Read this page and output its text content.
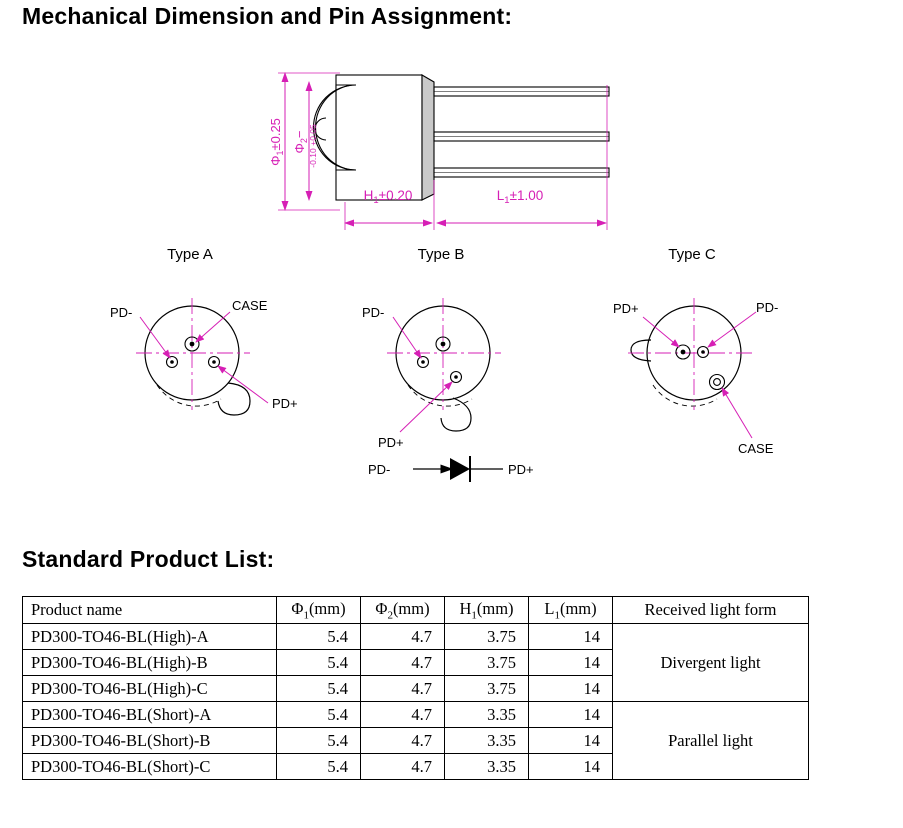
Mechanical Dimension and Pin Assignment:
$\Phi_1\pm 0.25$ $\Phi_2- +0.05$
-0.10
$H_1\pm 0.20$	$L_1\pm 1.00$
Type A
PD-	CASE
PD+
Type B
PD-
PD+
Type C
PD+	PD-
CASE
PD-	PD+
Standard Product List:
Product name	$\Phi_1(mm)$	$\Phi_2(mm)$	$H_1(mm)$	$L_1(mm)$	Received light form
PD300-TO46-BL(High)-A	5.4	4.7	3.75	14	Divergent light
PD300-TO46-BL(High)-B	5.4	4.7	3.75	14	
PD300-TO46-BL(High)-C	5.4	4.7	3.75	14	
PD300-TO46-BL(Short)-A	5.4	4.7	3.35	14	Parallel light
PD300-TO46-BL(Short)-B	5.4	4.7	3.35	14	
PD300-TO46-BL(Short)-C	5.4	4.7	3.35	14	
